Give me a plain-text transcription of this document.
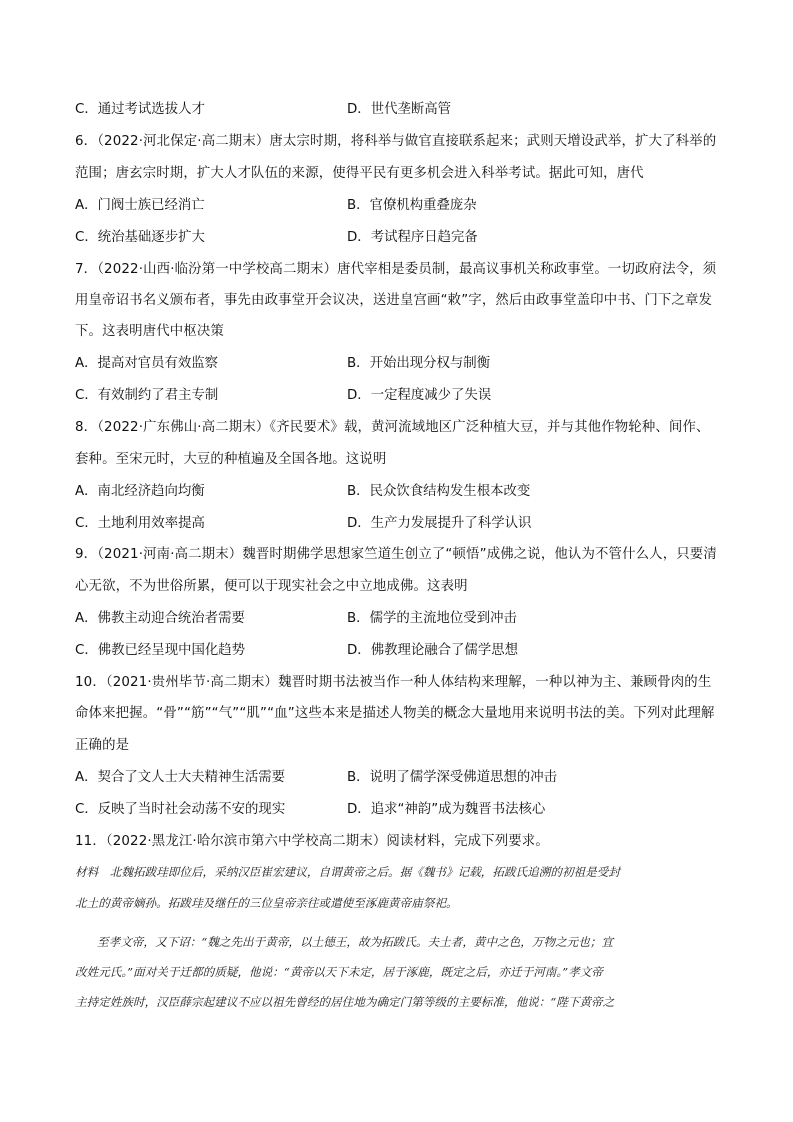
C．通过考试选拔人才	D．世代垄断高管
6．（2022·河北保定·高二期末）唐太宗时期，将科举与做官直接联系起来；武则天增设武举，扩大了科举的
范围；唐玄宗时期，扩大人才队伍的来源，使得平民有更多机会进入科举考试。据此可知，唐代
A．门阀士族已经消亡	B．官僚机构重叠庞杂
C．统治基础逐步扩大	D．考试程序日趋完备
7．（2022·山西·临汾第一中学校高二期末）唐代宰相是委员制，最高议事机关称政事堂。一切政府法令，须
用皇帝诏书名义颁布者，事先由政事堂开会议决，送进皇宫画“敕”字，然后由政事堂盖印中书、门下之章发
下。这表明唐代中枢决策
A．提高对官员有效监察	B．开始出现分权与制衡
C．有效制约了君主专制	D．一定程度减少了失误
8．（2022·广东佛山·高二期末）《齐民要术》载，黄河流域地区广泛种植大豆，并与其他作物轮种、间作、
套种。至宋元时，大豆的种植遍及全国各地。这说明
A．南北经济趋向均衡	B．民众饮食结构发生根本改变
C．土地利用效率提高	D．生产力发展提升了科学认识
9．（2021·河南·高二期末）魏晋时期佛学思想家竺道生创立了“顿悟”成佛之说，他认为不管什么人，只要清
心无欲，不为世俗所累，便可以于现实社会之中立地成佛。这表明
A．佛教主动迎合统治者需要	B．儒学的主流地位受到冲击
C．佛教已经呈现中国化趋势	D．佛教理论融合了儒学思想
10．（2021·贵州毕节·高二期末）魏晋时期书法被当作一种人体结构来理解，一种以神为主、兼顾骨肉的生
命体来把握。“骨”“筋”“气”“肌”“血”这些本来是描述人物美的概念大量地用来说明书法的美。下列对此理解
正确的是
A．契合了文人士大夫精神生活需要	B．说明了儒学深受佛道思想的冲击
C．反映了当时社会动荡不安的现实	D．追求“神韵”成为魏晋书法核心
11．（2022·黑龙江·哈尔滨市第六中学校高二期末）阅读材料，完成下列要求。
材料　北魏拓跋珪即位后，采纳汉臣崔宏建议，自谓黄帝之后。据《魏书》记载，拓跋氏追溯的初祖是受封
北土的黄帝嫡孙。拓跋珪及继任的三位皇帝亲往或遣使至涿鹿黄帝庙祭祀。
至孝文帝，又下诏：“魏之先出于黄帝，以土德王，故为拓跋氏。夫土者，黄中之色，万物之元也；宜
改姓元氏。”面对关于迁都的质疑，他说：“黄帝以天下未定，居于涿鹿，既定之后，亦迁于河南。”孝文帝
主持定姓族时，汉臣薛宗起建议不应以祖先曾经的居住地为确定门第等级的主要标准，他说：“陛下黄帝之
